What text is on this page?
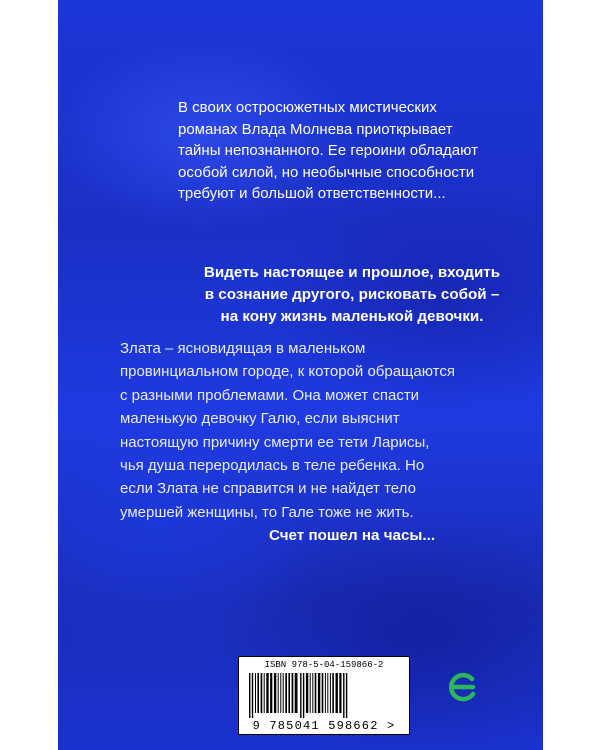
В своих остросюжетных мистических

романах Влада Молнева приоткрывает

тайны непознанного. Ее героини обладают

особой силой, но необычные способности

требуют и большой ответственности...

Видеть настоящее и прошлое, входить

в сознание другого, рисковать собой –

на кону жизнь маленькой девочки.

Злата – ясновидящая в маленьком

провинциальном городе, к которой обращаются

с разными проблемами. Она может спасти

маленькую девочку Галю, если выяснит

настоящую причину смерти ее тети Ларисы,

чья душа переродилась в теле ребенка. Но

если Злата не справится и не найдет тело

умершей женщины, то Гале тоже не жить.

Счет пошел на часы...

ISBN 978-5-04-159866-2
9 785041 598662 >
